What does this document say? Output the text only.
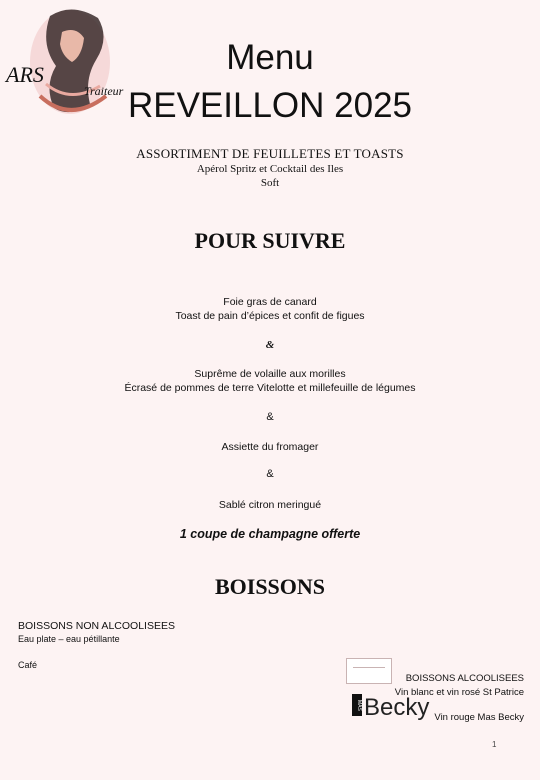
ARS
Traiteur
Menu
REVEILLON 2025
ASSORTIMENT DE FEUILLETES ET TOASTS
Apérol Spritz et Cocktail des Iles
Soft
POUR SUIVRE
Foie gras de canard
Toast de pain d’épices et confit de figues
&
Suprême de volaille aux morilles
Écrasé de pommes de terre Vitelotte et millefeuille de légumes
&
Assiette du fromager
&
Sablé citron meringué
1 coupe de champagne offerte
BOISSONS
BOISSONS NON ALCOOLISEES
Eau plate – eau pétillante
Café
BOISSONS ALCOOLISEES
Vin blanc et vin rosé St Patrice
MASBecky Vin rouge Mas Becky
1
